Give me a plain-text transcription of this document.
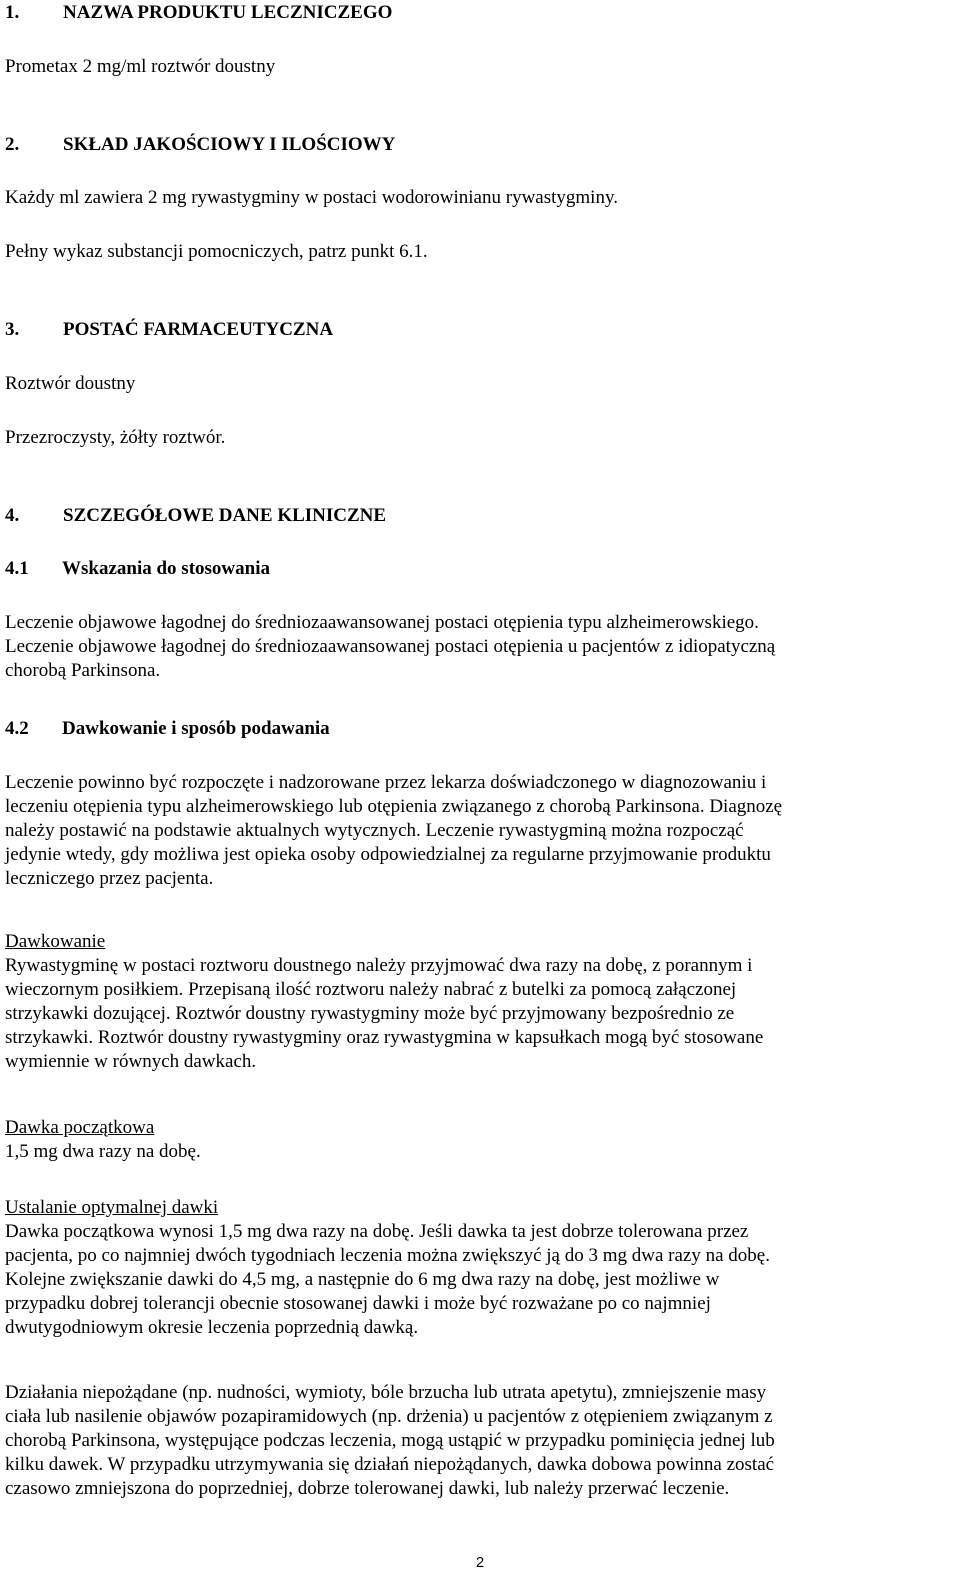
1. NAZWA PRODUKTU LECZNICZEGO
Prometax 2 mg/ml roztwór doustny
2. SKŁAD JAKOŚCIOWY I ILOŚCIOWY
Każdy ml zawiera 2 mg rywastygminy w postaci wodorowinianu rywastygminy.
Pełny wykaz substancji pomocniczych, patrz punkt 6.1.
3. POSTAĆ FARMACEUTYCZNA
Roztwór doustny
Przezroczysty, żółty roztwór.
4. SZCZEGÓŁOWE DANE KLINICZNE
4.1 Wskazania do stosowania
Leczenie objawowe łagodnej do średniozaawansowanej postaci otępienia typu alzheimerowskiego.
Leczenie objawowe łagodnej do średniozaawansowanej postaci otępienia u pacjentów z idiopatyczną
chorobą Parkinsona.
4.2 Dawkowanie i sposób podawania
Leczenie powinno być rozpoczęte i nadzorowane przez lekarza doświadczonego w diagnozowaniu i
leczeniu otępienia typu alzheimerowskiego lub otępienia związanego z chorobą Parkinsona. Diagnozę
należy postawić na podstawie aktualnych wytycznych. Leczenie rywastygminą można rozpocząć
jedynie wtedy, gdy możliwa jest opieka osoby odpowiedzialnej za regularne przyjmowanie produktu
leczniczego przez pacjenta.
Dawkowanie
Rywastygminę w postaci roztworu doustnego należy przyjmować dwa razy na dobę, z porannym i
wieczornym posiłkiem. Przepisaną ilość roztworu należy nabrać z butelki za pomocą załączonej
strzykawki dozującej. Roztwór doustny rywastygminy może być przyjmowany bezpośrednio ze
strzykawki. Roztwór doustny rywastygminy oraz rywastygmina w kapsułkach mogą być stosowane
wymiennie w równych dawkach.
Dawka początkowa
1,5 mg dwa razy na dobę.
Ustalanie optymalnej dawki
Dawka początkowa wynosi 1,5 mg dwa razy na dobę. Jeśli dawka ta jest dobrze tolerowana przez
pacjenta, po co najmniej dwóch tygodniach leczenia można zwiększyć ją do 3 mg dwa razy na dobę.
Kolejne zwiększanie dawki do 4,5 mg, a następnie do 6 mg dwa razy na dobę, jest możliwe w
przypadku dobrej tolerancji obecnie stosowanej dawki i może być rozważane po co najmniej
dwutygodniowym okresie leczenia poprzednią dawką.
Działania niepożądane (np. nudności, wymioty, bóle brzucha lub utrata apetytu), zmniejszenie masy
ciała lub nasilenie objawów pozapiramidowych (np. drżenia) u pacjentów z otępieniem związanym z
chorobą Parkinsona, występujące podczas leczenia, mogą ustąpić w przypadku pominięcia jednej lub
kilku dawek. W przypadku utrzymywania się działań niepożądanych, dawka dobowa powinna zostać
czasowo zmniejszona do poprzedniej, dobrze tolerowanej dawki, lub należy przerwać leczenie.
2
